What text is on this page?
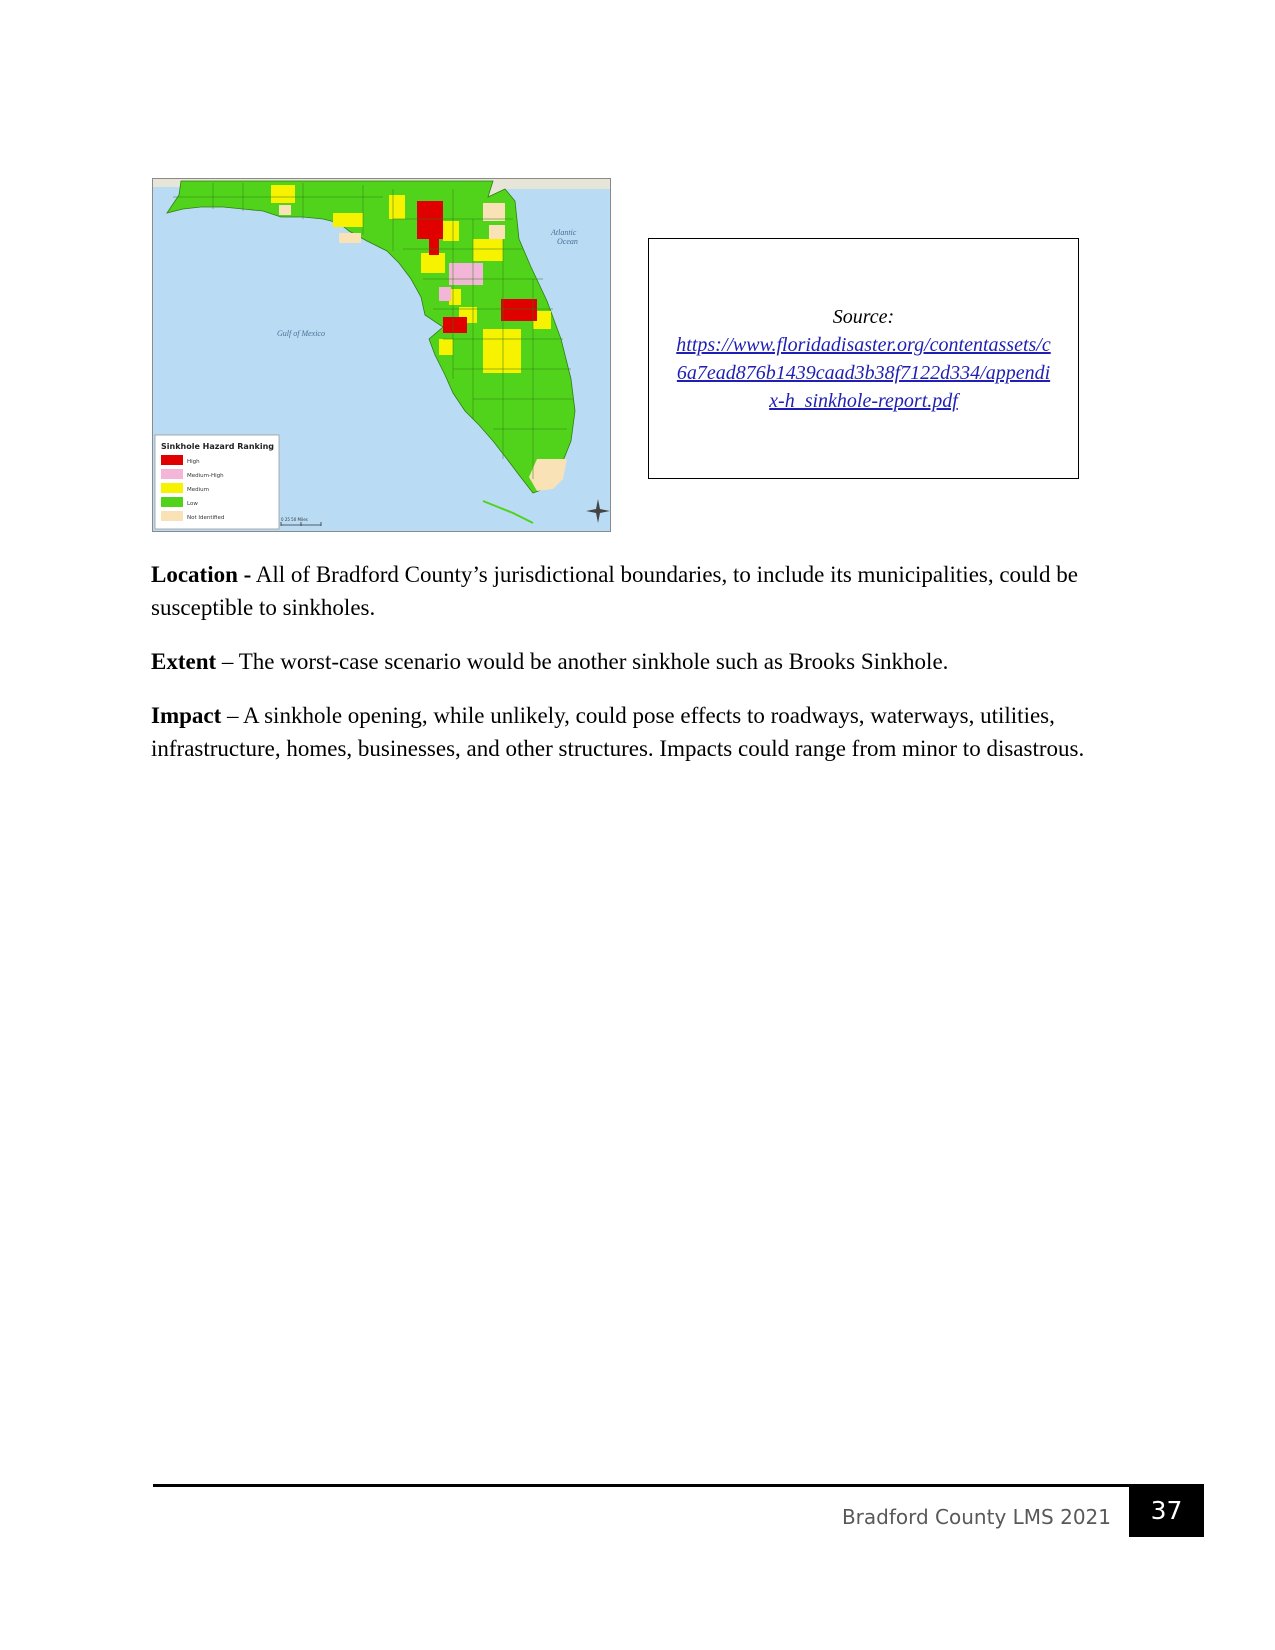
Gulf of Mexico
Atlantic
Ocean
Sinkhole Hazard Ranking
High
Medium-High
Medium
Low
Not Identified	0 25 50 Miles
Source:
https://www.floridadisaster.org/contentassets/c
6a7ead876b1439caad3b38f7122d334/appendi
x-h_sinkhole-report.pdf
Location - All of Bradford County’s jurisdictional boundaries, to include its municipalities, could be susceptible to sinkholes.
Extent – The worst-case scenario would be another sinkhole such as Brooks Sinkhole.
Impact – A sinkhole opening, while unlikely, could pose effects to roadways, waterways, utilities, infrastructure, homes, businesses, and other structures. Impacts could range from minor to disastrous.
Bradford County LMS 2021	37
